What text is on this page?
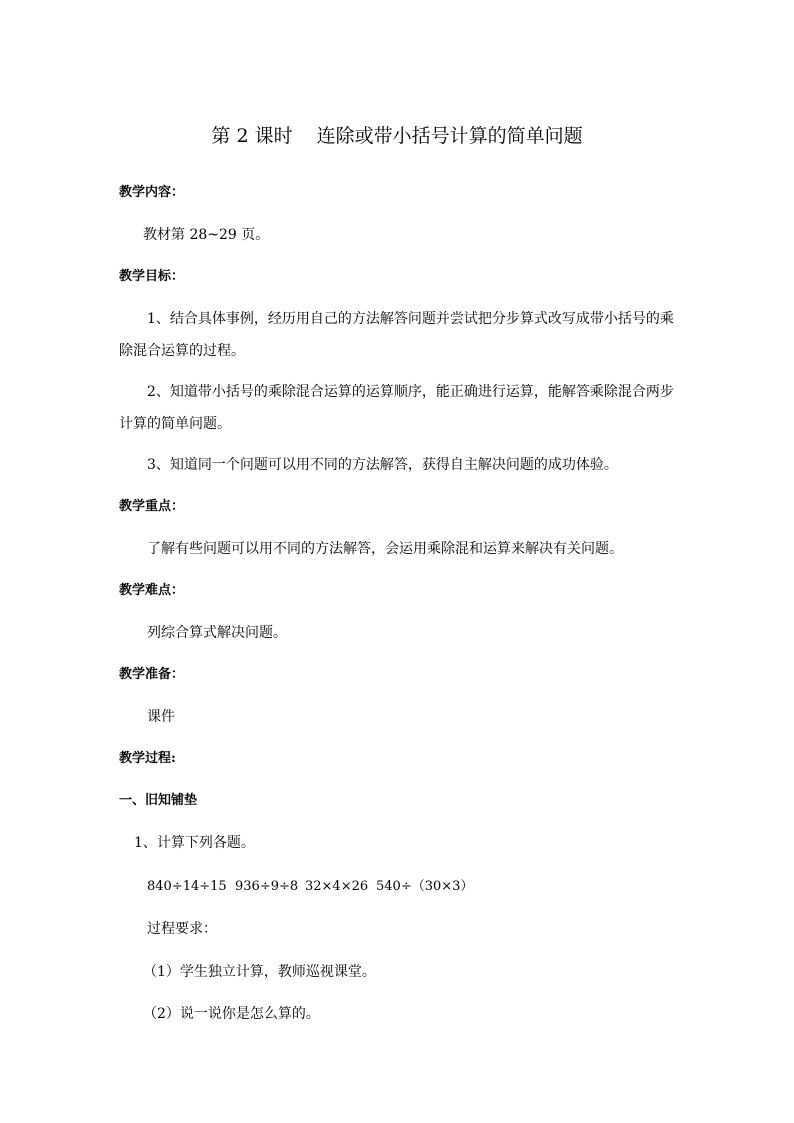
第 2 课时 连除或带小括号计算的简单问题
教学内容：
教材第 28~29 页。
教学目标：
1、结合具体事例，经历用自己的方法解答问题并尝试把分步算式改写成带小括号的乘除混合运算的过程。
2、知道带小括号的乘除混合运算的运算顺序，能正确进行运算，能解答乘除混合两步计算的简单问题。
3、知道同一个问题可以用不同的方法解答，获得自主解决问题的成功体验。
教学重点：
了解有些问题可以用不同的方法解答，会运用乘除混和运算来解决有关问题。
教学难点：
列综合算式解决问题。
教学准备：
课件
教学过程:
一、旧知铺垫
1、计算下列各题。
840÷14÷15 936÷9÷8 32×4×26 540÷（30×3）
过程要求：
（1）学生独立计算，教师巡视课堂。
（2）说一说你是怎么算的。
